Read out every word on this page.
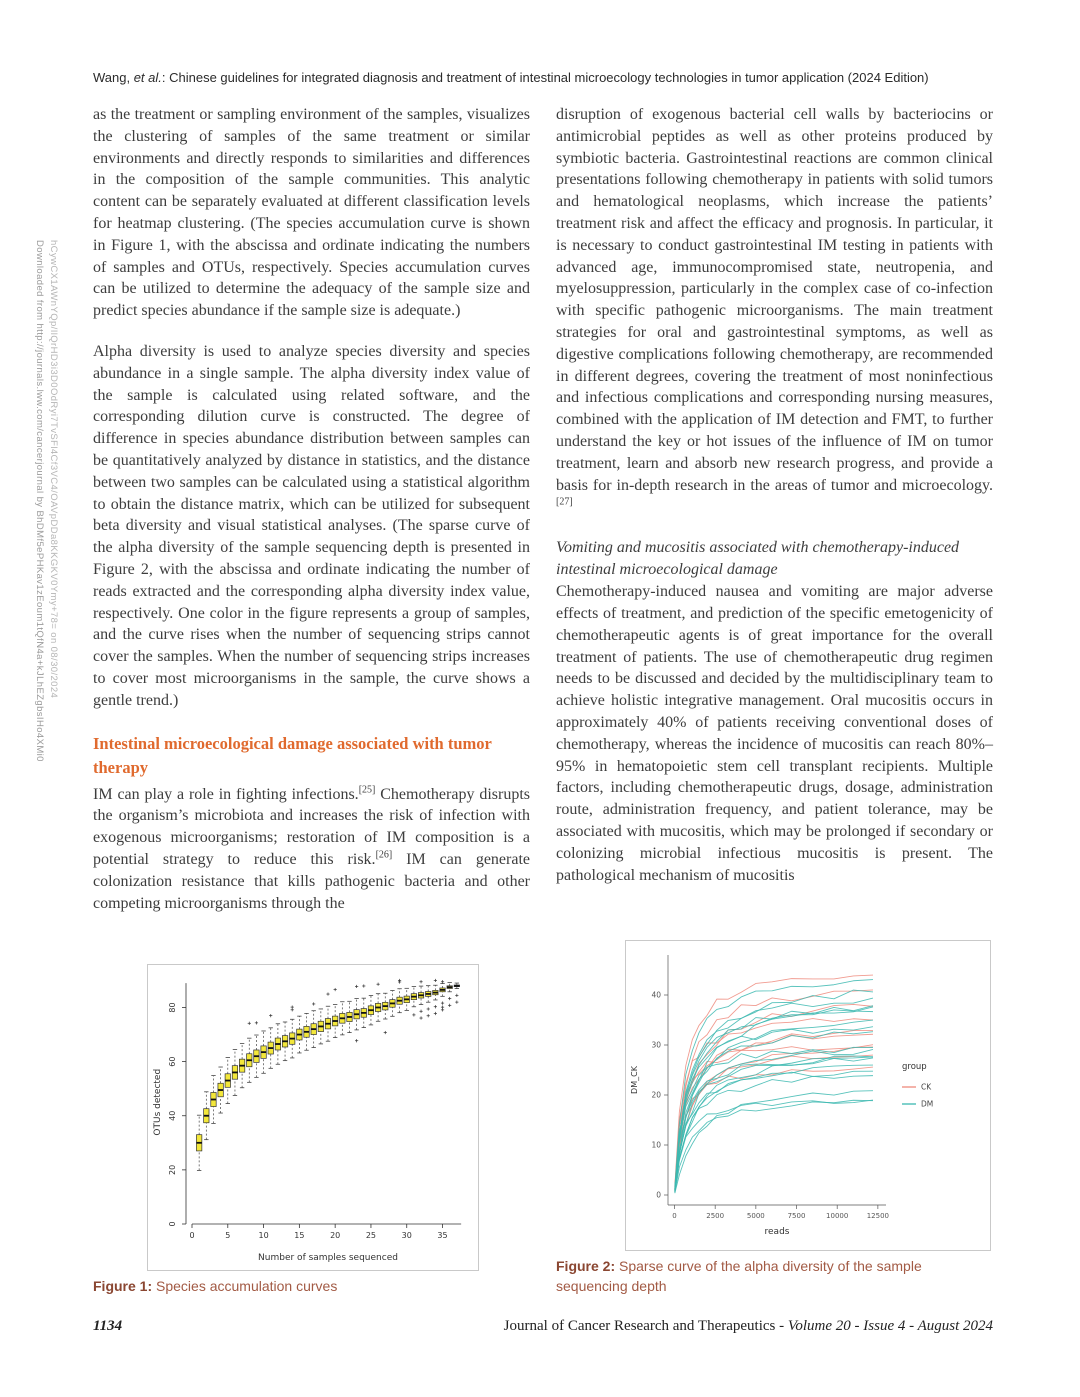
Wang, et al.: Chinese guidelines for integrated diagnosis and treatment of intestinal microecology technologies in tumor application (2024 Edition)
Downloaded from http://journals.lww.com/cancerjournal by BhDMf5ePHKav1zEoum1tQfN4a+kJLhEZgbsIHo4XMi0 hCywCX1AWnYQp/IlQrHD3i3D0OdRyi7TvSFl4Cf3VC4/OAVpDDa8KKGKV0Ymy+78= on 08/30/2024

as the treatment or sampling environment of the samples, visualizes the clustering of samples of the same treatment or similar environments and directly responds to similarities and differences in the composition of the sample communities. This analytic content can be separately evaluated at different classification levels for heatmap clustering. (The species accumulation curve is shown in Figure 1, with the abscissa and ordinate indicating the numbers of samples and OTUs, respectively. Species accumulation curves can be utilized to determine the adequacy of the sample size and predict species abundance if the sample size is adequate.)

Alpha diversity is used to analyze species diversity and species abundance in a single sample. The alpha diversity index value of the sample is calculated using related software, and the corresponding dilution curve is constructed. The degree of difference in species abundance distribution between samples can be quantitatively analyzed by distance in statistics, and the distance between two samples can be calculated using a statistical algorithm to obtain the distance matrix, which can be utilized for subsequent beta diversity and visual statistical analyses. (The sparse curve of the alpha diversity of the sample sequencing depth is presented in Figure 2, with the abscissa and ordinate indicating the number of reads extracted and the corresponding alpha diversity index value, respectively. One color in the figure represents a group of samples, and the curve rises when the number of sequencing strips cannot cover the samples. When the number of sequencing strips increases to cover most microorganisms in the sample, the curve shows a gentle trend.)

Intestinal microecological damage associated with tumor therapy

IM can play a role in fighting infections.[25] Chemotherapy disrupts the organism’s microbiota and increases the risk of infection with exogenous microorganisms; restoration of IM composition is a potential strategy to reduce this risk.[26] IM can generate colonization resistance that kills pathogenic bacteria and other competing microorganisms through the

disruption of exogenous bacterial cell walls by bacteriocins or antimicrobial peptides as well as other proteins produced by symbiotic bacteria. Gastrointestinal reactions are common clinical presentations following chemotherapy in patients with solid tumors and hematological neoplasms, which increase the patients’ treatment risk and affect the efficacy and prognosis. In particular, it is necessary to conduct gastrointestinal IM testing in patients with advanced age, immunocompromised state, neutropenia, and myelosuppression, particularly in the complex case of co-infection with specific pathogenic microorganisms. The main treatment strategies for oral and gastrointestinal symptoms, as well as digestive complications following chemotherapy, are recommended in different degrees, covering the treatment of most noninfectious and infectious complications and corresponding nursing measures, combined with the application of IM detection and FMT, to further understand the key or hot issues of the influence of IM on tumor treatment, learn and absorb new research progress, and provide a basis for in-depth research in the areas of tumor and microecology.[27]

Vomiting and mucositis associated with chemotherapy-induced intestinal microecological damage

Chemotherapy-induced nausea and vomiting are major adverse effects of treatment, and prediction of the specific emetogenicity of chemotherapeutic agents is of great importance for the overall treatment of patients. The use of chemotherapeutic drug regimen needs to be discussed and decided by the multidisciplinary team to achieve holistic integrative management. Oral mucositis occurs in approximately 40% of patients receiving conventional doses of chemotherapy, whereas the incidence of mucositis can reach 80%–95% in hematopoietic stem cell transplant recipients. Multiple factors, including chemotherapeutic drugs, dosage, administration route, administration frequency, and patient tolerance, may be associated with mucositis, which may be prolonged if secondary or colonizing microbial infectious mucositis is present. The pathological mechanism of mucositis

0	5	10	15	20	25	30	35
0
20
40
60
80
Number of samples sequenced
OTUs detected
0
10
20
30
40
0	2500	5000	7500	10000	12500
reads
DM_CK	group
CK
DM
Figure 1: Species accumulation curves
Figure 2: Sparse curve of the alpha diversity of the sample sequencing depth
1134	Journal of Cancer Research and Therapeutics - Volume 20 - Issue 4 - August 2024
